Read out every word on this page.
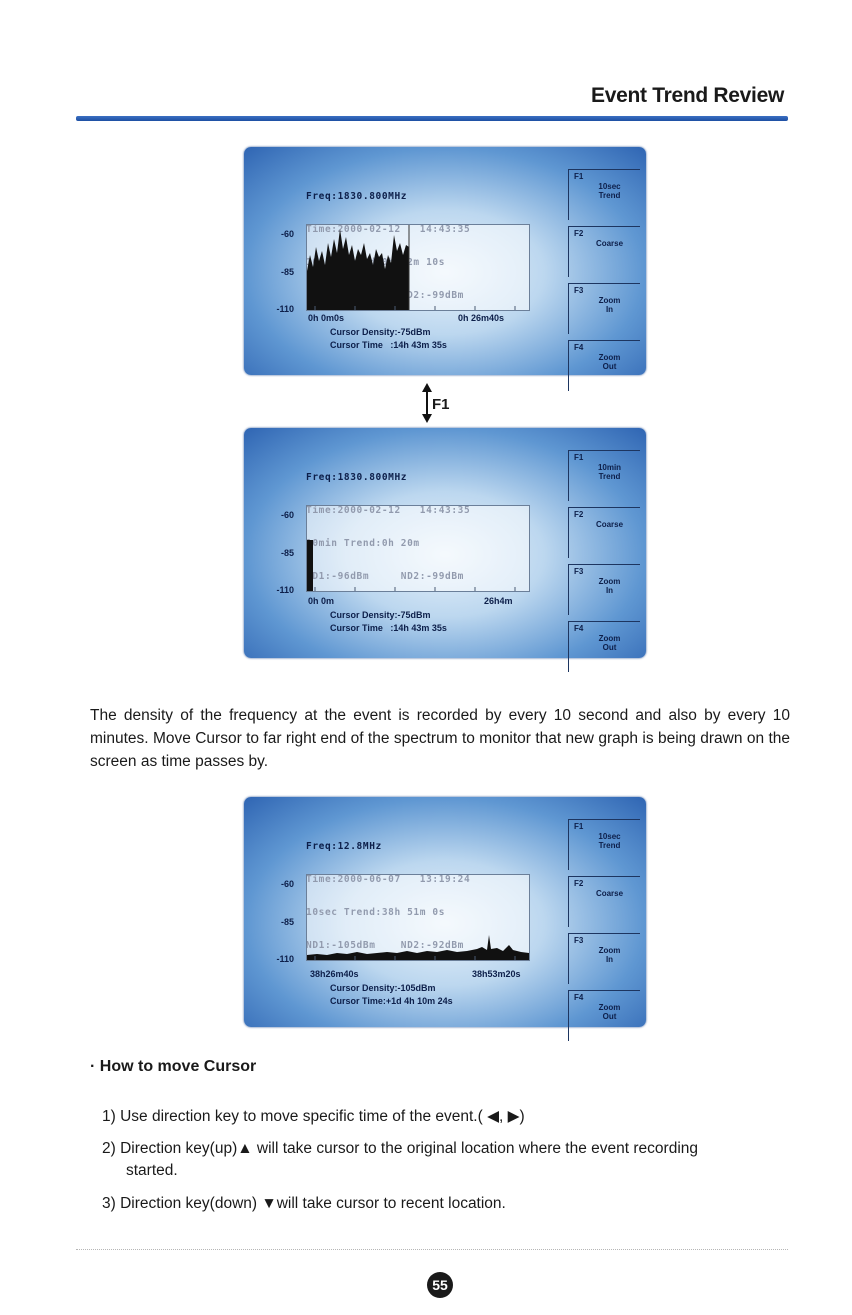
Event Trend Review

Freq:1830.800MHz

-60
-85
-110
0h 0m0s	0h 26m40s
Cursor Density:-75dBm
Cursor Time   :14h 43m 35s
F1
10sec
Trend
F2
Coarse
F3
Zoom
In
F4
Zoom
Out
F1

Freq:1830.800MHz

-60
-85
-110
0h 0m	26h4m
Cursor Density:-75dBm
Cursor Time   :14h 43m 35s
F1
10min
Trend
F2
Coarse
F3
Zoom
In
F4
Zoom
Out
The density of the frequency at the event is recorded by every 10 second and also by every 10 minutes. Move Cursor to far right end of the spectrum to monitor that new graph is being drawn on the screen as time passes by.

Freq:12.8MHz

-60
-85
-110
38h26m40s	38h53m20s
Cursor Density:-105dBm
Cursor Time:+1d 4h 10m 24s
F1
10sec
Trend
F2
Coarse
F3
Zoom
In
F4
Zoom
Out
· How to move Cursor
1) Use direction key to move specific time of the event.( ◀, ▶)
2) Direction key(up)▲ will take cursor to the original location where the event recording
started.
3) Direction key(down) ▼will take cursor to recent location.
55
